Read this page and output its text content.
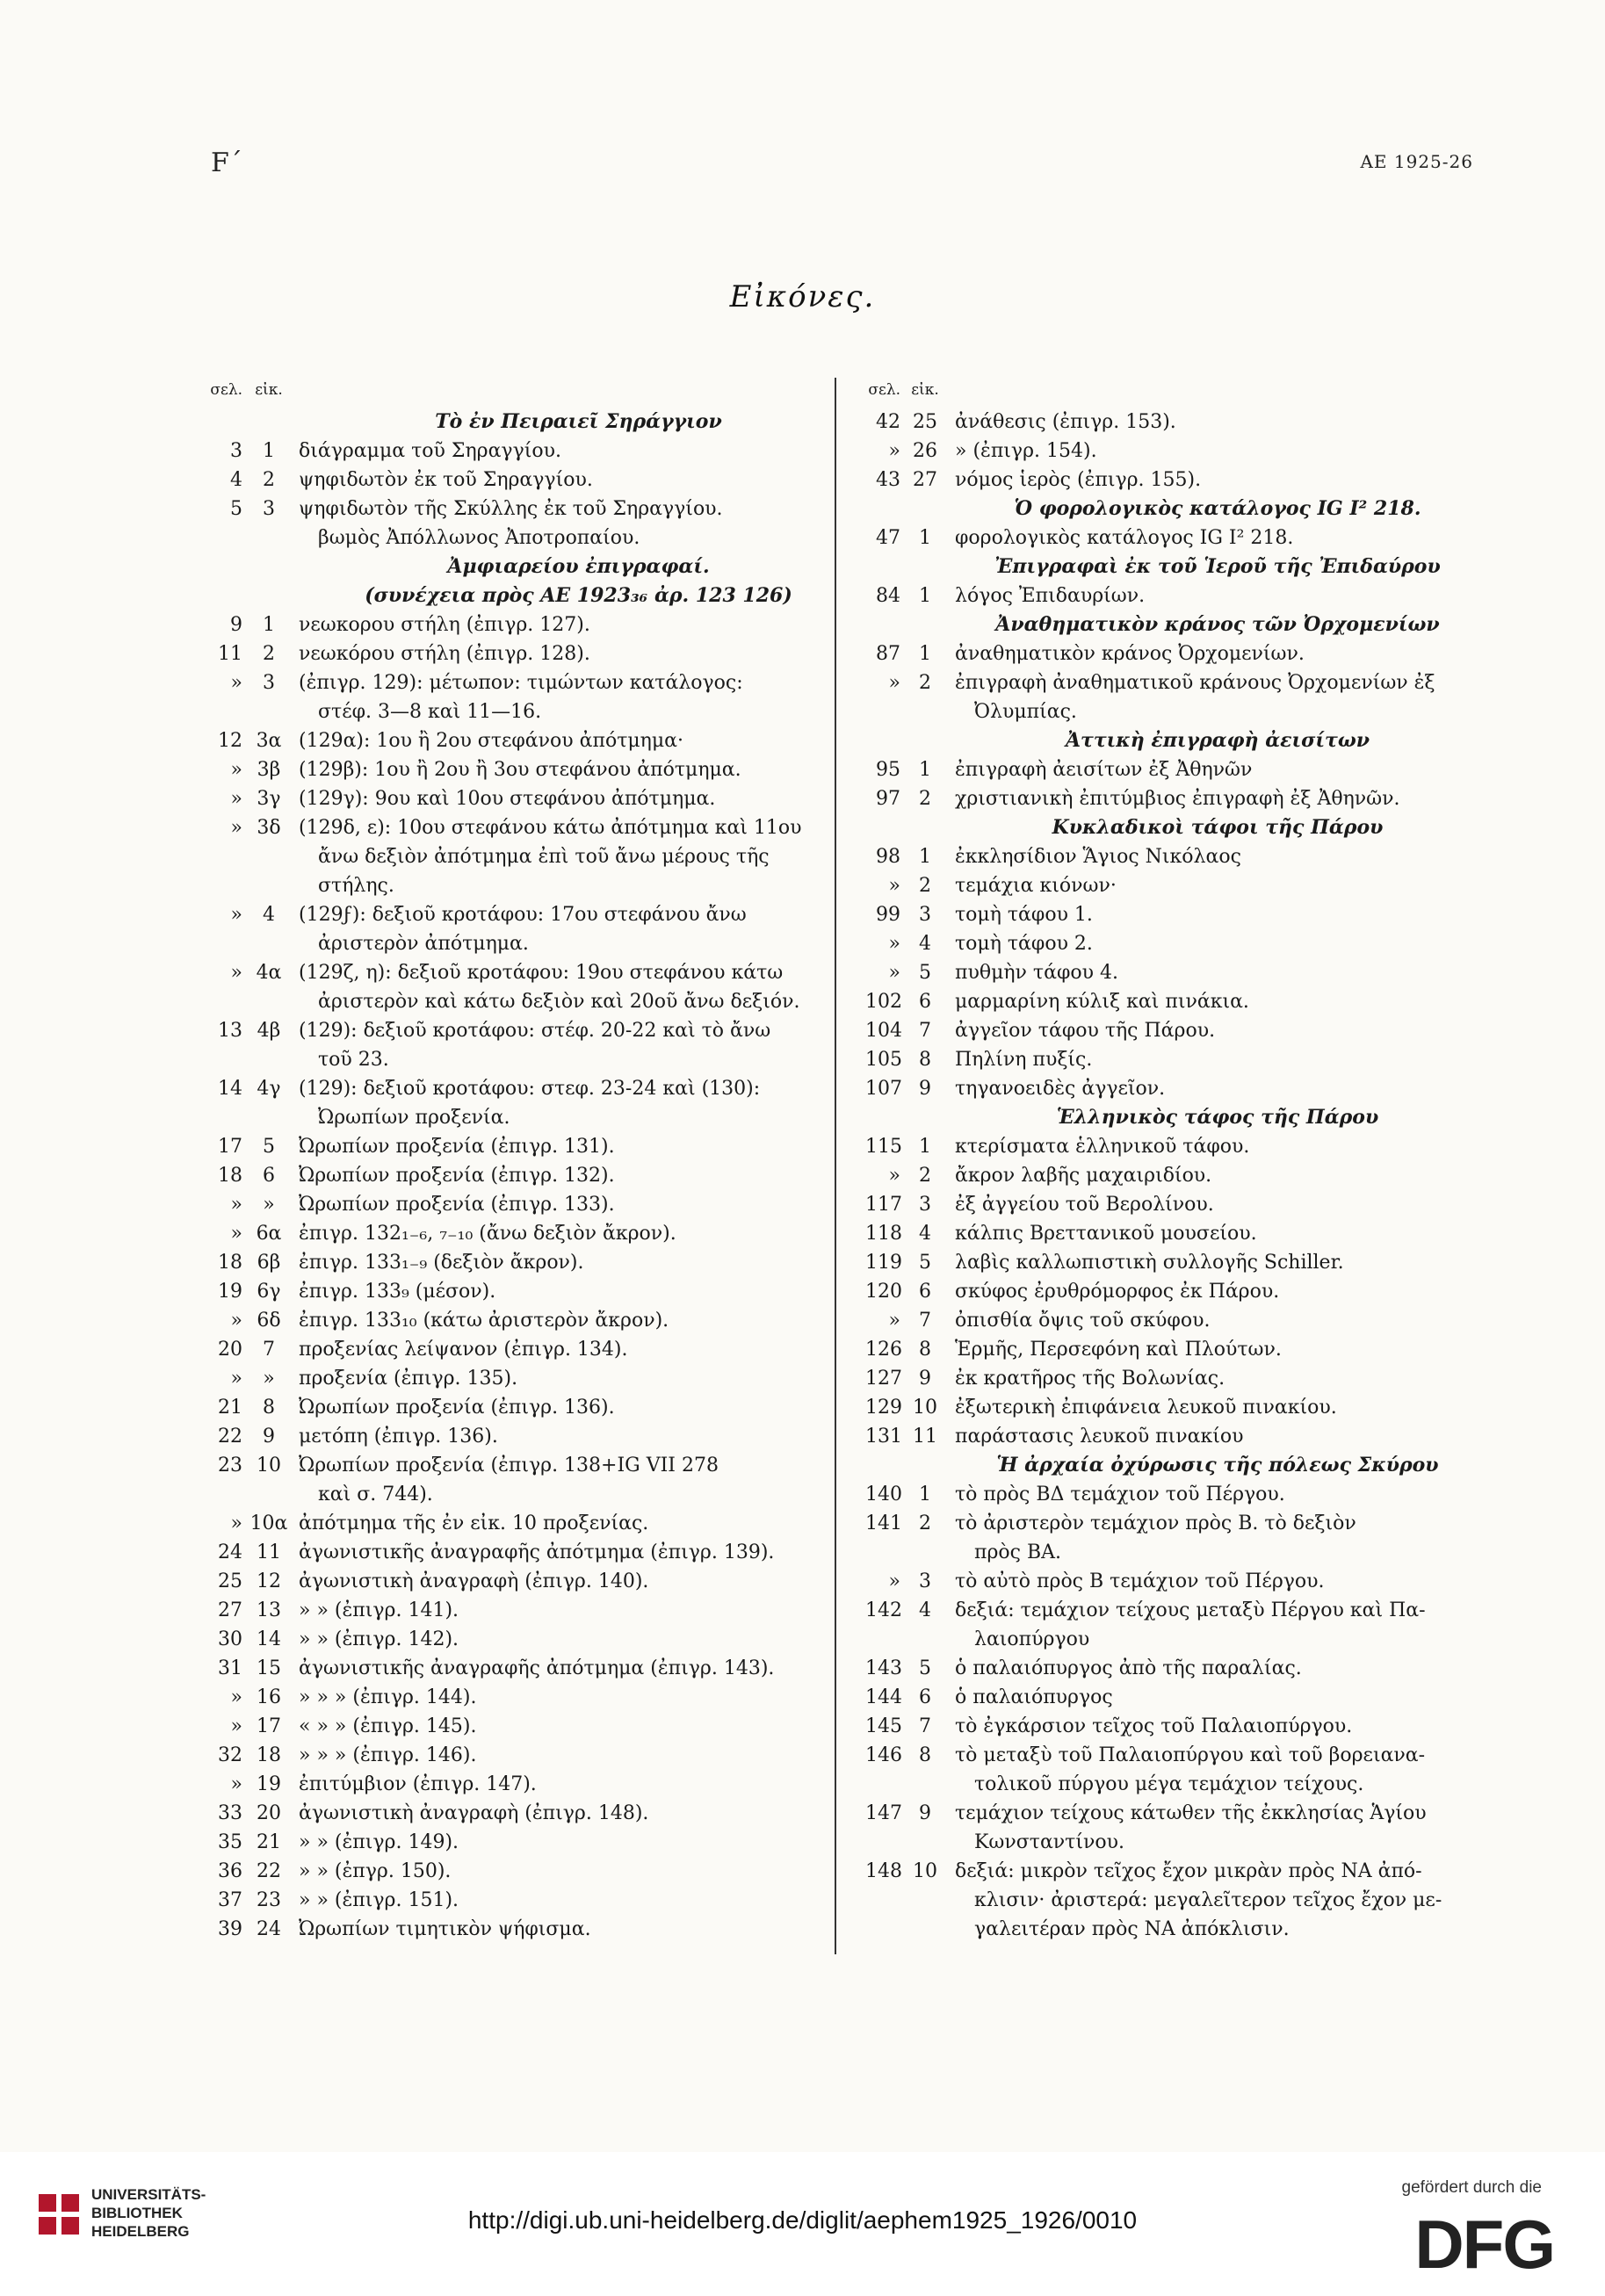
F΄	ΑΕ 1925-26
Εἰκόνες.
σελ. εἰκ.
Τὸ ἐν Πειραιεῖ Σηράγγιον
3	1	διάγραμμα τοῦ Σηραγγίου.
4	2	ψηφιδωτὸν ἐκ τοῦ Σηραγγίου.
5	3	ψηφιδωτὸν τῆς Σκύλλης ἐκ τοῦ Σηραγγίου.
βωμὸς Ἀπόλλωνος Ἀποτροπαίου.
Ἀμφιαρείου ἐπιγραφαί.
(συνέχεια πρὸς ΑΕ 1923₃₆ ἀρ. 123 126)
9	1	νεωκορου στήλη (ἐπιγρ. 127).
11	2	νεωκόρου στήλη (ἐπιγρ. 128).
»	3	(ἐπιγρ. 129): μέτωπον: τιμώντων κατάλογος:
στέφ. 3—8 καὶ 11—16.
12 3α (129α): 1ου ἢ 2ου στεφάνου ἀπότμημα·
» 3β (129β): 1ου ἢ 2ου ἢ 3ου στεφάνου ἀπότμημα.
» 3γ (129γ): 9ου καὶ 10ου στεφάνου ἀπότμημα.
» 3δ (129δ, ε): 10ου στεφάνου κάτω ἀπότμημα καὶ 11ου
ἄνω δεξιὸν ἀπότμημα ἐπὶ τοῦ ἄνω μέρους τῆς
στήλης.
»	4	(129ϝ): δεξιοῦ κροτάφου: 17ου στεφάνου ἄνω
ἀριστερὸν ἀπότμημα.
» 4α (129ζ, η): δεξιοῦ κροτάφου: 19ου στεφάνου κάτω
ἀριστερὸν καὶ κάτω δεξιὸν καὶ 20οῦ ἄνω δεξιόν.
13 4β (129): δεξιοῦ κροτάφου: στέφ. 20-22 καὶ τὸ ἄνω
τοῦ 23.
14 4γ (129): δεξιοῦ κροτάφου: στεφ. 23-24 καὶ (130):
Ὠρωπίων προξενία.
17	5	Ὠρωπίων προξενία (ἐπιγρ. 131).
18	6	Ὠρωπίων προξενία (ἐπιγρ. 132).
»	»	Ὠρωπίων προξενία (ἐπιγρ. 133).
» 6α ἐπιγρ. 132₁₋₆, ₇₋₁₀ (ἄνω δεξιὸν ἄκρον).
18 6β ἐπιγρ. 133₁₋₉ (δεξιὸν ἄκρον).
19 6γ ἐπιγρ. 133₉ (μέσον).
» 6δ ἐπιγρ. 133₁₀ (κάτω ἀριστερὸν ἄκρον).
20	7	προξενίας λείψανον (ἐπιγρ. 134).
»	»	προξενία (ἐπιγρ. 135).
21	8	Ὠρωπίων προξενία (ἐπιγρ. 136).
22	9	μετόπη (ἐπιγρ. 136).
23 10 Ὠρωπίων προξενία (ἐπιγρ. 138+IG VII 278
καὶ σ. 744).
» 10α ἀπότμημα τῆς ἐν εἰκ. 10 προξενίας.
24 11 ἀγωνιστικῆς ἀναγραφῆς ἀπότμημα (ἐπιγρ. 139).
25 12 ἀγωνιστικὴ ἀναγραφὴ (ἐπιγρ. 140).
27 13 » » (ἐπιγρ. 141).
30 14 » » (ἐπιγρ. 142).
31 15 ἀγωνιστικῆς ἀναγραφῆς ἀπότμημα (ἐπιγρ. 143).
» 16 » » » (ἐπιγρ. 144).
» 17 « » » (ἐπιγρ. 145).
32 18 » » » (ἐπιγρ. 146).
» 19 ἐπιτύμβιον (ἐπιγρ. 147).
33 20 ἀγωνιστικὴ ἀναγραφὴ (ἐπιγρ. 148).
35 21 » » (ἐπιγρ. 149).
36 22 » » (ἐπγρ. 150).
37 23 » » (ἐπιγρ. 151).
39 24 Ὠρωπίων τιμητικὸν ψήφισμα.
σελ. εἰκ.
42 25 ἀνάθεσις (ἐπιγρ. 153).
» 26 » (ἐπιγρ. 154).
43 27 νόμος ἱερὸς (ἐπιγρ. 155).
Ὁ φορολογικὸς κατάλογος IG I² 218.
47 1	φορολογικὸς κατάλογος IG I² 218.
Ἐπιγραφαὶ ἐκ τοῦ Ἱεροῦ τῆς Ἐπιδαύρου
84 1	λόγος Ἐπιδαυρίων.
Ἀναθηματικὸν κράνος τῶν Ὀρχομενίων
87 1	ἀναθηματικὸν κράνος Ὀρχομενίων.
» 2	ἐπιγραφὴ ἀναθηματικοῦ κράνους Ὀρχομενίων ἐξ
Ὀλυμπίας.
Ἀττικὴ ἐπιγραφὴ ἀεισίτων
95 1	ἐπιγραφὴ ἀεισίτων ἐξ Ἀθηνῶν
97 2	χριστιανικὴ ἐπιτύμβιος ἐπιγραφὴ ἐξ Ἀθηνῶν.
Κυκλαδικοὶ τάφοι τῆς Πάρου
98 1	ἐκκλησίδιον Ἅγιος Νικόλαος
» 2	τεμάχια κιόνων·
99 3	τομὴ τάφου 1.
» 4	τομὴ τάφου 2.
» 5	πυθμὴν τάφου 4.
102 6	μαρμαρίνη κύλιξ καὶ πινάκια.
104 7	ἀγγεῖον τάφου τῆς Πάρου.
105 8	Πηλίνη πυξίς.
107 9	τηγανοειδὲς ἀγγεῖον.
Ἑλληνικὸς τάφος τῆς Πάρου
115 1	κτερίσματα ἑλληνικοῦ τάφου.
» 2	ἄκρον λαβῆς μαχαιριδίου.
117 3	ἐξ ἀγγείου τοῦ Βερολίνου.
118 4	κάλπις Βρεττανικοῦ μουσείου.
119 5	λαβὶς καλλωπιστικὴ συλλογῆς Schiller.
120 6	σκύφος ἐρυθρόμορφος ἐκ Πάρου.
» 7	ὀπισθία ὄψις τοῦ σκύφου.
126 8	Ἑρμῆς, Περσεφόνη καὶ Πλούτων.
127 9	ἐκ κρατῆρος τῆς Βολωνίας.
129 10 ἐξωτερικὴ ἐπιφάνεια λευκοῦ πινακίου.
131 11 παράστασις λευκοῦ πινακίου
Ἡ ἀρχαία ὀχύρωσις τῆς πόλεως Σκύρου
140 1	τὸ πρὸς ΒΔ τεμάχιον τοῦ Πέργου.
141 2	τὸ ἀριστερὸν τεμάχιον πρὸς Β. τὸ δεξιὸν
πρὸς ΒΑ.
» 3	τὸ αὐτὸ πρὸς Β τεμάχιον τοῦ Πέργου.
142 4	δεξιά: τεμάχιον τείχους μεταξὺ Πέργου καὶ Πα-
λαιοπύργου
143 5	ὁ παλαιόπυργος ἀπὸ τῆς παραλίας.
144 6	ὁ παλαιόπυργος
145 7	τὸ ἐγκάρσιον τεῖχος τοῦ Παλαιοπύργου.
146 8	τὸ μεταξὺ τοῦ Παλαιοπύργου καὶ τοῦ βορειανα-
τολικοῦ πύργου μέγα τεμάχιον τείχους.
147 9	τεμάχιον τείχους κάτωθεν τῆς ἐκκλησίας Ἁγίου
Κωνσταντίνου.
148 10 δεξιά: μικρὸν τεῖχος ἔχον μικρὰν πρὸς ΝΑ ἀπό-
κλισιν· ἀριστερά: μεγαλεῖτερον τεῖχος ἔχον με-
γαλειτέραν πρὸς ΝΑ ἀπόκλισιν.
UNIVERSITÄTS-
BIBLIOTHEK
HEIDELBERG	http://digi.ub.uni-heidelberg.de/diglit/aephem1925_1926/0010
gefördert durch die
DFG
